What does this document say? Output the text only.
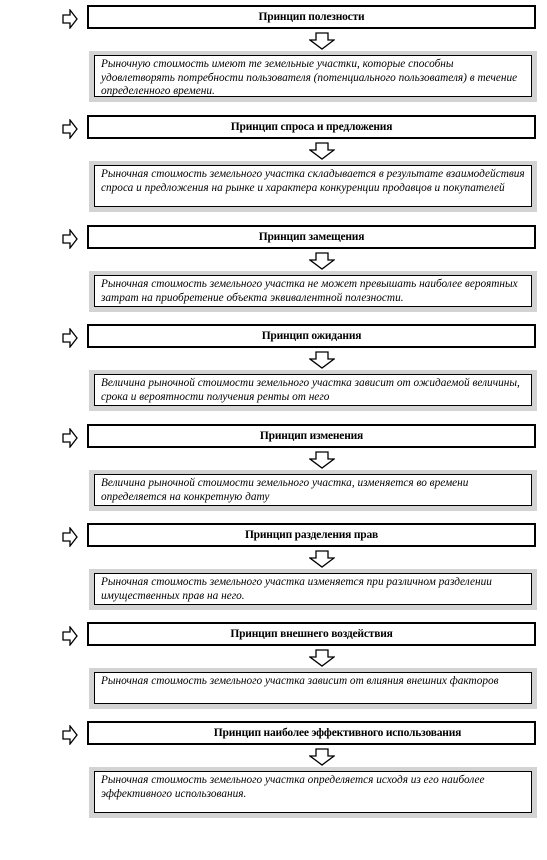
Принцип полезности

Рыночную стоимость имеют те земельные участки, которые способны удовлетворять потребности пользователя (потенциального пользователя) в течение определенного времени.

Принцип спроса и предложения

Рыночная стоимость земельного участка складывается в результате взаимодействия спроса и предложения на рынке и характера конкуренции продавцов и покупателей

Принцип замещения

Рыночная стоимость земельного участка не может превышать наиболее вероятных затрат на приобретение объекта эквивалентной полезности.

Принцип ожидания

Величина рыночной стоимости земельного участка зависит от ожидаемой величины, срока и вероятности получения ренты от него

Принцип изменения

Величина рыночной стоимости земельного участка, изменяется во времени определяется на конкретную дату

Принцип разделения прав

Рыночная стоимость земельного участка изменяется при различном разделении имущественных прав на него.

Принцип внешнего воздействия

Рыночная стоимость земельного участка зависит от влияния внешних факторов

Принцип наиболее эффективного использования

Рыночная стоимость земельного участка определяется исходя из его наиболее эффективного использования.
